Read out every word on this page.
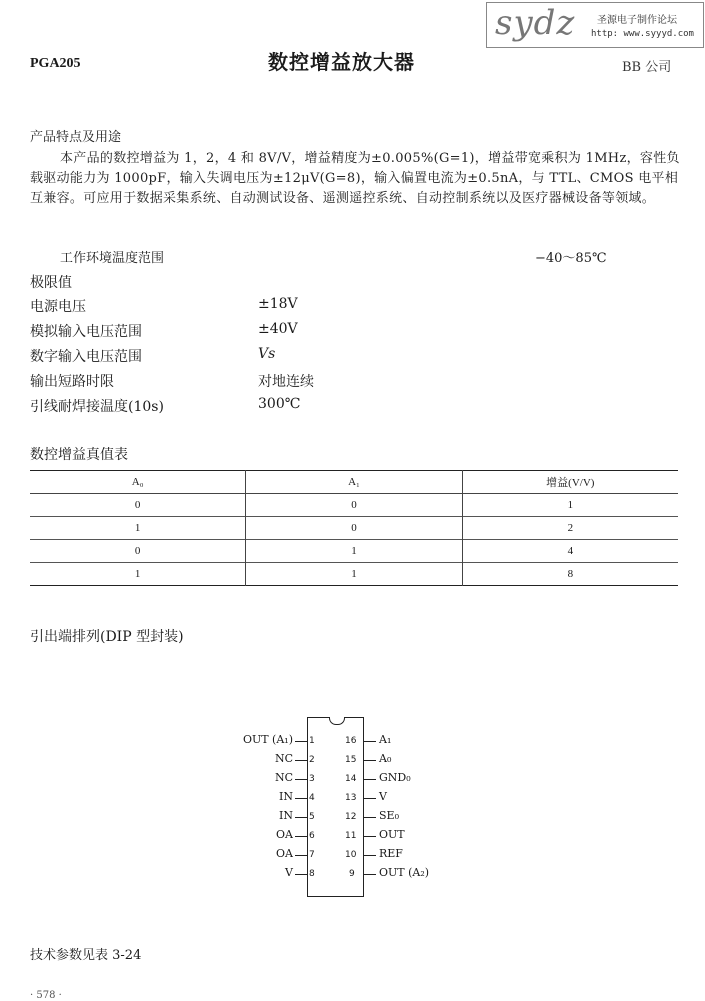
sydz 圣源电子制作论坛
http: www.syyyd.com
PGA205	数控增益放大器	BB 公司
产品特点及用途
本产品的数控增益为 1，2，4 和 8V/V，增益精度为±0.005%(G=1)，增益带宽乘积为 1MHz，容性负载驱动能力为 1000pF，输入失调电压为±12μV(G=8)，输入偏置电流为±0.5nA，与 TTL、CMOS 电平相互兼容。可应用于数据采集系统、自动测试设备、遥测遥控系统、自动控制系统以及医疗器械设备等领域。
工作环境温度范围	−40～85℃
极限值
电源电压	±18V
模拟输入电压范围	±40V
数字输入电压范围	Vs
输出短路时限	对地连续
引线耐焊接温度(10s)	300℃
数控增益真值表
A₀	A₁	增益(V/V)
0	0	1
1	0	2
0	1	4
1	1	8
引出端排列(DIP 型封装)
OUT (A₁) 1
NC 2
NC 3
IN 4
IN 5
OA 6
OA 7
V 8
16 A₁
15 A₀
14 GND₀
13 V
12 SE₀
11 OUT
10 REF
9 OUT (A₂)
技术参数见表 3-24
· 578 ·
